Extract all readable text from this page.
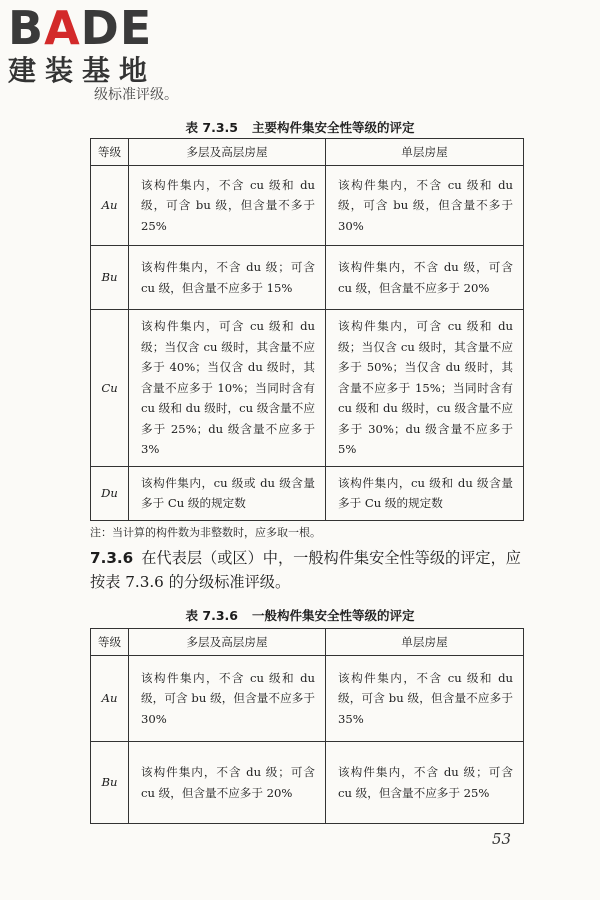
BADE
建装基地
级标准评级。
表 7.3.5 主要构件集安全性等级的评定
等级	多层及高层房屋	单层房屋
Au	该构件集内，不含 cu 级和 du 级，可含 bu 级，但含量不多于 25%	该构件集内，不含 cu 级和 du 级，可含 bu 级，但含量不多于 30%
Bu	该构件集内，不含 du 级；可含 cu 级，但含量不应多于 15%	该构件集内，不含 du 级，可含 cu 级，但含量不应多于 20%
Cu	该构件集内，可含 cu 级和 du 级；当仅含 cu 级时，其含量不应多于 40%；当仅含 du 级时，其含量不应多于 10%；当同时含有 cu 级和 du 级时，cu 级含量不应多于 25%；du 级含量不应多于 3%	该构件集内，可含 cu 级和 du 级；当仅含 cu 级时，其含量不应多于 50%；当仅含 du 级时，其含量不应多于 15%；当同时含有 cu 级和 du 级时，cu 级含量不应多于 30%；du 级含量不应多于 5%
Du	该构件集内，cu 级或 du 级含量多于 Cu 级的规定数	该构件集内，cu 级和 du 级含量多于 Cu 级的规定数
注：当计算的构件数为非整数时，应多取一根。
7.3.6 在代表层（或区）中，一般构件集安全性等级的评定，应按表 7.3.6 的分级标准评级。
表 7.3.6 一般构件集安全性等级的评定
等级	多层及高层房屋	单层房屋
Au	该构件集内，不含 cu 级和 du 级，可含 bu 级，但含量不应多于 30%	该构件集内，不含 cu 级和 du 级，可含 bu 级，但含量不应多于 35%
Bu	该构件集内，不含 du 级；可含 cu 级，但含量不应多于 20%	该构件集内，不含 du 级；可含 cu 级，但含量不应多于 25%
53
